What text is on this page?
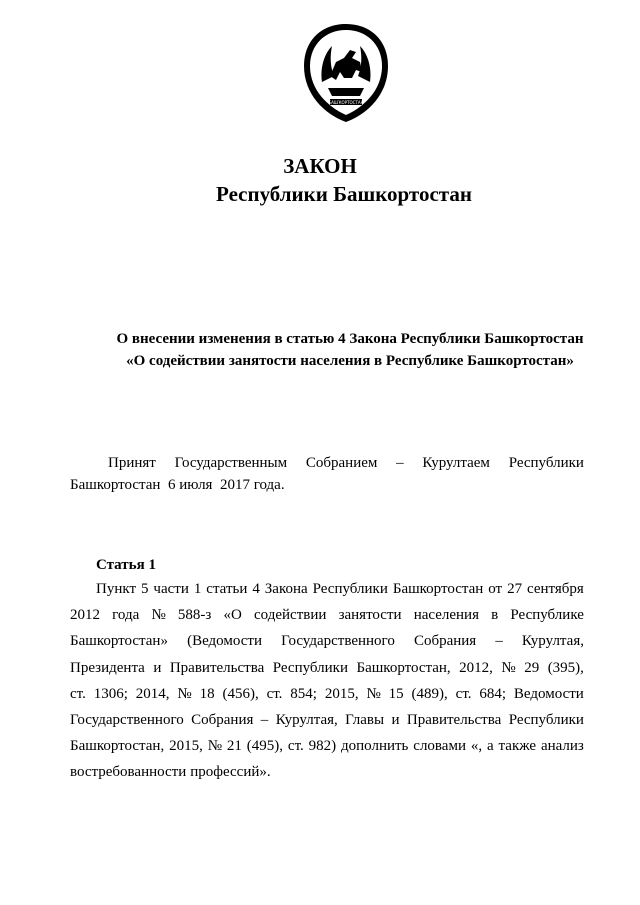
БАШҠОРТОСТАН
ЗАКОН
Республики Башкортостан
О внесении изменения в статью 4 Закона Республики Башкортостан
«О содействии занятости населения в Республике Башкортостан»
Принят Государственным Собранием – Курултаем Республики
Башкортостан  6 июля  2017 года.
Статья 1
Пункт 5 части 1 статьи 4 Закона Республики Башкортостан от 27 сентября
2012 года № 588-з «О содействии занятости населения в Республике
Башкортостан» (Ведомости Государственного Собрания – Курултая,
Президента и Правительства Республики Башкортостан, 2012, № 29 (395),
ст. 1306; 2014, № 18 (456), ст. 854; 2015, № 15 (489), ст. 684; Ведомости
Государственного Собрания – Курултая, Главы и Правительства Республики
Башкортостан, 2015, № 21 (495), ст. 982) дополнить словами «, а также анализ
востребованности профессий».
